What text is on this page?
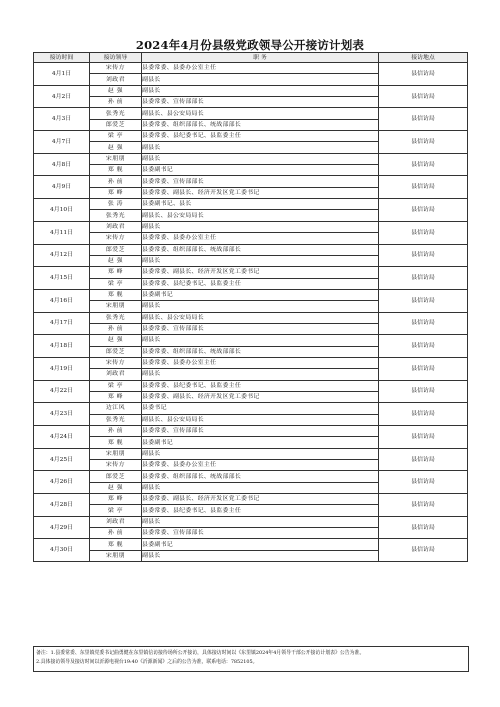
2024年4月份县级党政领导公开接访计划表
接访时间	接访领导	职 务	接访地点
4月1日	宋传方	县委常委、县委办公室主任	县信访局
	刘政君	副县长	
4月2日	赵 强	副县长	县信访局
	孙 前	县委常委、宣传部部长	
4月3日	张秀光	副县长、县公安局局长	县信访局
	郎爱芝	县委常委、组织部部长、统战部部长	
4月7日	梁 亭	县委常委、县纪委书记、县监委主任	县信访局
	赵 强	副县长	
4月8日	宋朋朋	副县长	县信访局
	郑 舰	县委副书记	
4月9日	孙 前	县委常委、宣传部部长	县信访局
	郑 峰	县委常委、副县长、经济开发区党工委书记	
4月10日	张 涛	县委副书记、县长	县信访局
	张秀光	副县长、县公安局局长	
4月11日	刘政君	副县长	县信访局
	宋传方	县委常委、县委办公室主任	
4月12日	郎爱芝	县委常委、组织部部长、统战部部长	县信访局
	赵 强	副县长	
4月15日	郑 峰	县委常委、副县长、经济开发区党工委书记	县信访局
	梁 亭	县委常委、县纪委书记、县监委主任	
4月16日	郑 舰	县委副书记	县信访局
	宋朋朋	副县长	
4月17日	张秀光	副县长、县公安局局长	县信访局
	孙 前	县委常委、宣传部部长	
4月18日	赵 强	副县长	县信访局
	郎爱芝	县委常委、组织部部长、统战部部长	
4月19日	宋传方	县委常委、县委办公室主任	县信访局
	刘政君	副县长	
4月22日	梁 亭	县委常委、县纪委书记、县监委主任	县信访局
	郑 峰	县委常委、副县长、经济开发区党工委书记	
4月23日	边江风	县委书记	县信访局
	张秀光	副县长、县公安局局长	
4月24日	孙 前	县委常委、宣传部部长	县信访局
	郑 舰	县委副书记	
4月25日	宋朋朋	副县长	县信访局
	宋传方	县委常委、县委办公室主任	
4月26日	郎爱芝	县委常委、组织部部长、统战部部长	县信访局
	赵 强	副县长	
4月28日	郑 峰	县委常委、副县长、经济开发区党工委书记	县信访局
	梁 亭	县委常委、县纪委书记、县监委主任	
4月29日	刘政君	副县长	县信访局
	孙 前	县委常委、宣传部部长	
4月30日	郑 舰	县委副书记	县信访局
	宋朋朋	副县长	
备注：1.县委常委、东里镇党委书记曲勇健在东里镇信访接待场所公开接访，具体接访时间以《东里镇2024年4月领导干部公开接访计划表》公告为准。
2.具体接访领导及接访时间以沂源电视台19:40《沂源新闻》之后的公告为准，联系电话：7852105。
